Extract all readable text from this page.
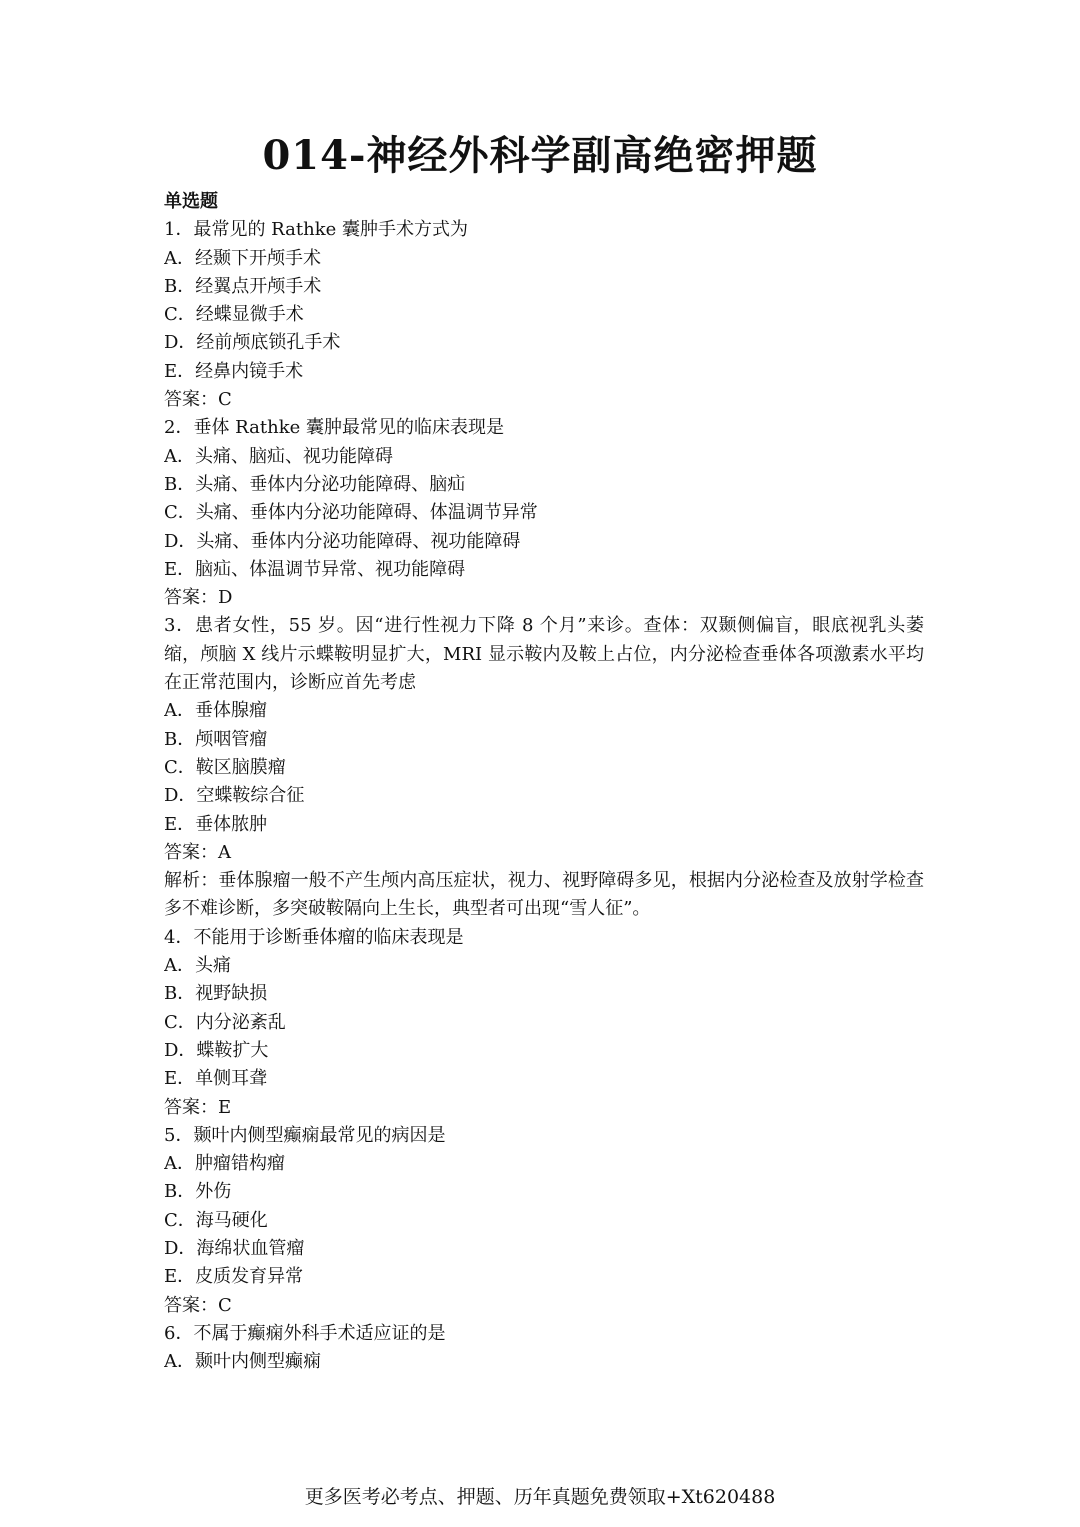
014-神经外科学副高绝密押题
单选题
1．最常见的 Rathke 囊肿手术方式为
A．经颞下开颅手术
B．经翼点开颅手术
C．经蝶显微手术
D．经前颅底锁孔手术
E．经鼻内镜手术
答案：C
2．垂体 Rathke 囊肿最常见的临床表现是
A．头痛、脑疝、视功能障碍
B．头痛、垂体内分泌功能障碍、脑疝
C．头痛、垂体内分泌功能障碍、体温调节异常
D．头痛、垂体内分泌功能障碍、视功能障碍
E．脑疝、体温调节异常、视功能障碍
答案：D
3．患者女性，55 岁。因“进行性视力下降 8 个月”来诊。查体：双颞侧偏盲，眼底视乳头萎缩，颅脑 X 线片示蝶鞍明显扩大，MRI 显示鞍内及鞍上占位，内分泌检查垂体各项激素水平均在正常范围内，诊断应首先考虑
A．垂体腺瘤
B．颅咽管瘤
C．鞍区脑膜瘤
D．空蝶鞍综合征
E．垂体脓肿
答案：A
解析：垂体腺瘤一般不产生颅内高压症状，视力、视野障碍多见，根据内分泌检查及放射学检查多不难诊断，多突破鞍隔向上生长，典型者可出现“雪人征”。
4．不能用于诊断垂体瘤的临床表现是
A．头痛
B．视野缺损
C．内分泌紊乱
D．蝶鞍扩大
E．单侧耳聋
答案：E
5．颞叶内侧型癫痫最常见的病因是
A．肿瘤错构瘤
B．外伤
C．海马硬化
D．海绵状血管瘤
E．皮质发育异常
答案：C
6．不属于癫痫外科手术适应证的是
A．颞叶内侧型癫痫
更多医考必考点、押题、历年真题免费领取+Xt620488
